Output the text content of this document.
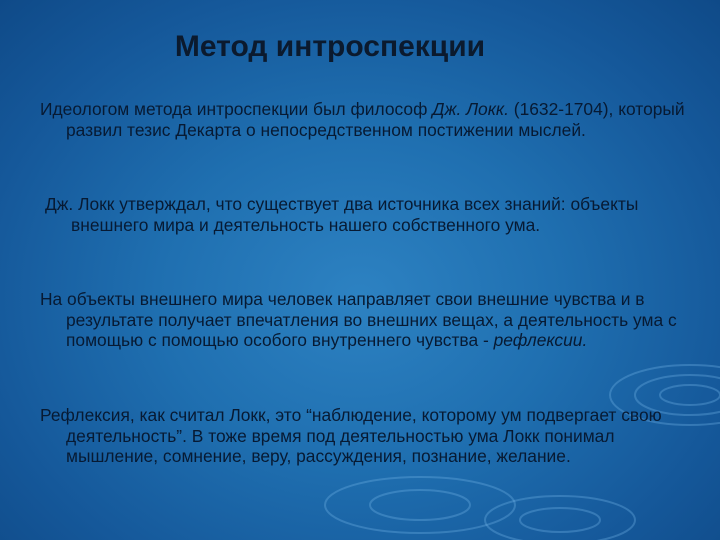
Метод интроспекции

Идеологом метода интроспекции был философ Дж. Локк. (1632-1704), который развил тезис Декарта о непосредственном постижении мыслей.

Дж. Локк утверждал, что существует два источника всех знаний: объекты внешнего мира и деятельность нашего собственного ума.

На объекты внешнего мира человек направляет свои внешние чувства и в результате получает впечатления во внешних вещах, а деятельность ума с помощью с помощью особого внутреннего чувства - рефлексии.

Рефлексия, как считал Локк, это “наблюдение, которому ум подвергает свою деятельность”. В тоже время под деятельностью ума Локк понимал мышление, сомнение, веру, рассуждения, познание, желание.
